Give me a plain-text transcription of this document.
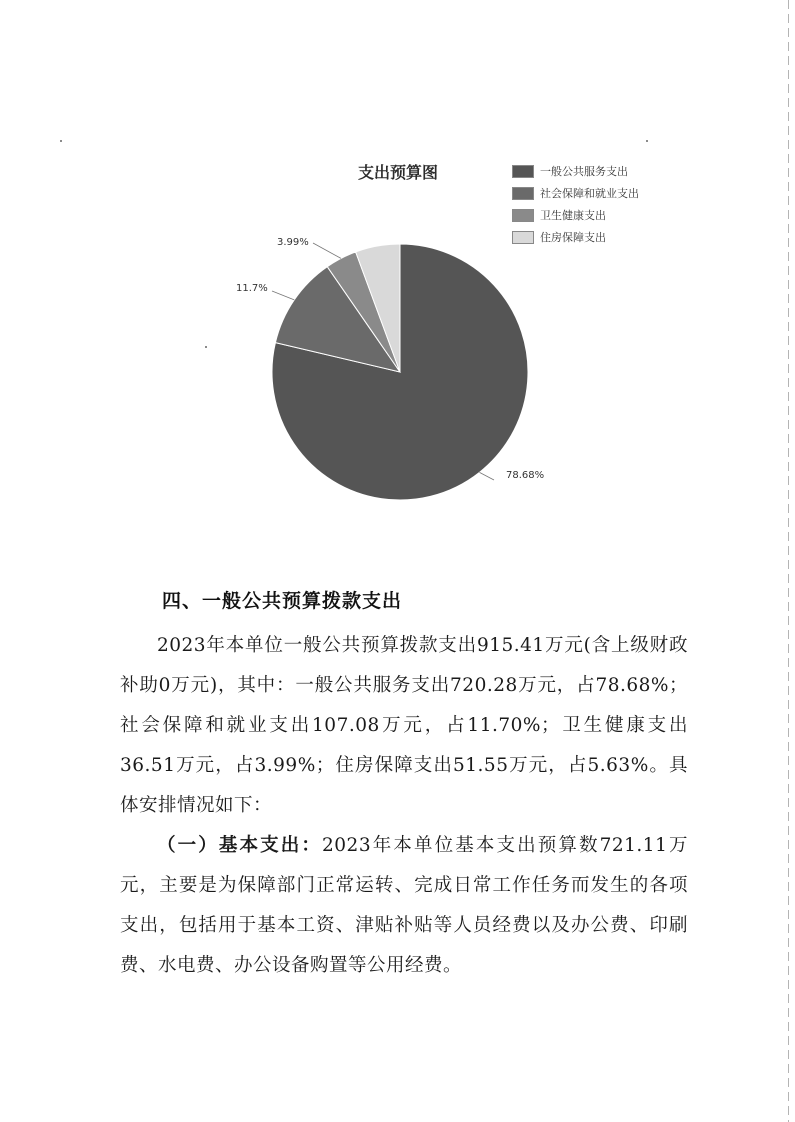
支出预算图	一般公共服务支出
社会保障和就业支出
卫生健康支出
住房保障支出
78.68%
11.7%
3.99%
四、一般公共预算拨款支出

2023年本单位一般公共预算拨款支出915.41万元(含上级财政补助0万元)，其中：一般公共服务支出720.28万元，占78.68%；社会保障和就业支出107.08万元，占11.70%；卫生健康支出36.51万元，占3.99%；住房保障支出51.55万元，占5.63%。具体安排情况如下：

（一）基本支出：2023年本单位基本支出预算数721.11万元，主要是为保障部门正常运转、完成日常工作任务而发生的各项支出，包括用于基本工资、津贴补贴等人员经费以及办公费、印刷费、水电费、办公设备购置等公用经费。
